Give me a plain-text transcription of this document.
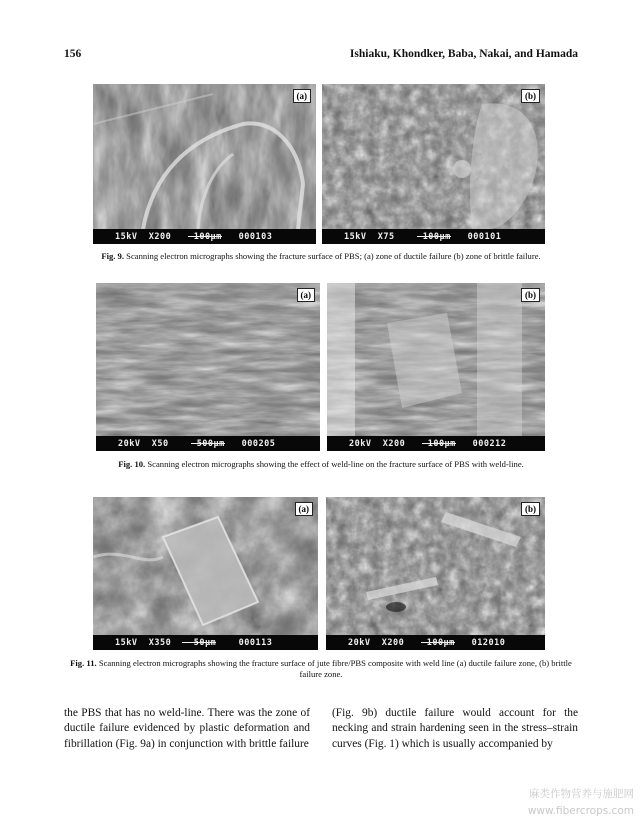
156	Ishiaku, Khondker, Baba, Nakai, and Hamada
(a)
15kV
X200
	100µm
000103
(b)
15kV
X75
	100µm
000101
Fig. 9. Scanning electron micrographs showing the fracture surface of PBS; (a) zone of ductile failure (b) zone of brittle failure.
(a)
20kV
X50
	500µm
000205
(b)
20kV
X200
	100µm
000212
Fig. 10. Scanning electron micrographs showing the effect of weld-line on the fracture surface of PBS with weld-line.
(a)
15kV
X350
	50µm
	000113
(b)
20kV
X200
	100µm
012010
Fig. 11. Scanning electron micrographs showing the fracture surface of jute fibre/PBS composite with weld line (a) ductile failure zone, (b) brittle failure zone.
the PBS that has no weld-line. There was the zone of ductile failure evidenced by plastic deformation and fibrillation (Fig. 9a) in conjunction with brittle failure
(Fig. 9b) ductile failure would account for the necking and strain hardening seen in the stress–strain curves (Fig. 1) which is usually accompanied by
麻类作物营养与施肥网
www.fibercrops.com
